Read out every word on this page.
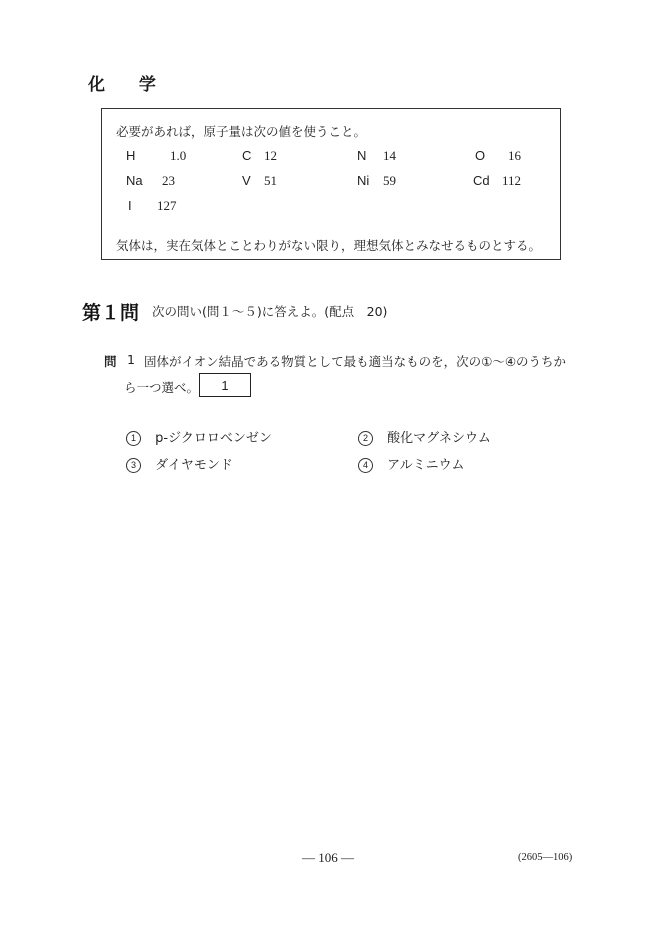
化 学
必要があれば，原子量は次の値を使うこと。
H	1.0	C 12	N 14	O 16
Na 23	V 51	Ni 59	Cd 112
I 127
気体は，実在気体とことわりがない限り，理想気体とみなせるものとする。
第１問 次の問い(問１～５)に答えよ。(配点　20)
問 1 固体がイオン結晶である物質として最も適当なものを，次の①～④のうちか
ら一つ選べ。	1
1 p-ジクロロベンゼン	2 酸化マグネシウム
3 ダイヤモンド	4 アルミニウム
— 106 —	(2605—106)
